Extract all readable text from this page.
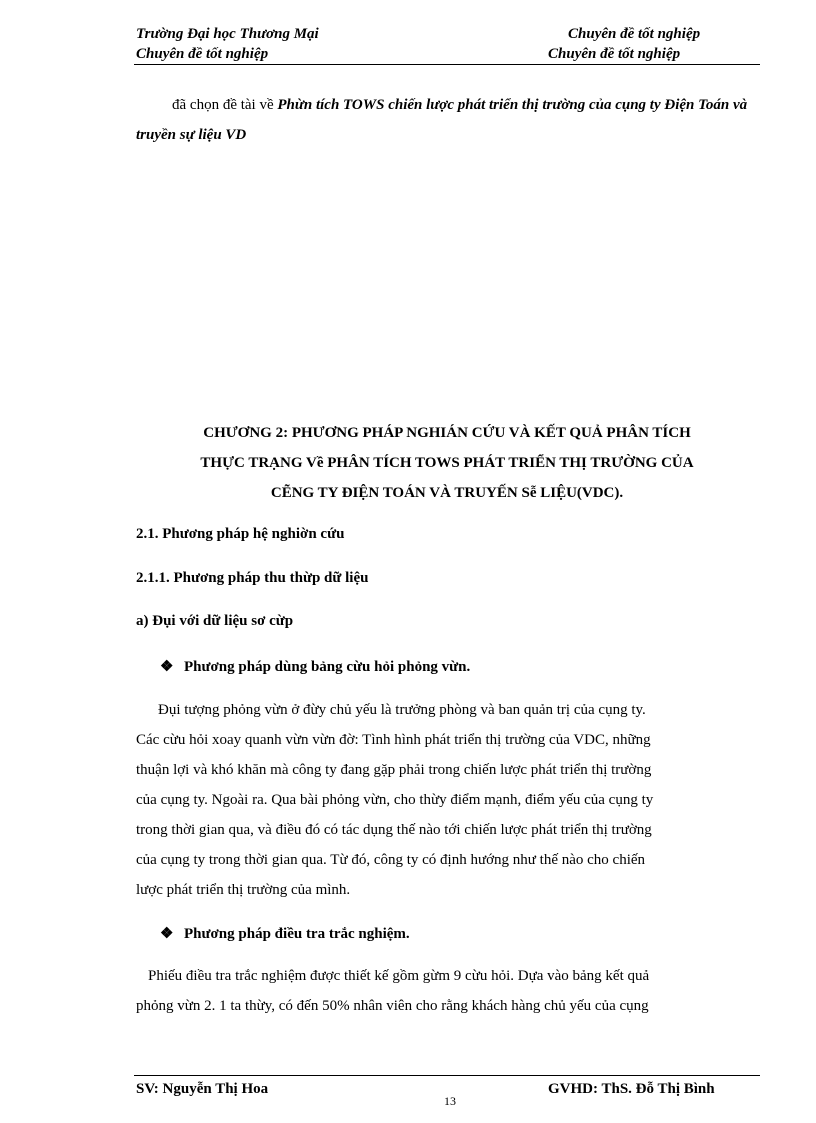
Trường Đại học Thương Mại	Chuyên đề tốt nghiệp
Chuyên đề tốt nghiệp	Chuyên đề tốt nghiệp
đã chọn đề tài về Phừn tích TOWS chiến lược phát triển thị trường của cụng ty Điện Toán và truyền sự liệu VD
CHƯƠNG 2: PHƯƠNG PHÁP NGHIÁN CỨU VÀ KẾT QUẢ PHÂN TÍCH
THỰC TRẠNG Về PHÂN TÍCH TOWS PHÁT TRIỂN THỊ TRƯỜNG CỦA
CẼNG TY ĐIỆN TOÁN VÀ TRUYẾN Sễ LIỆU(VDC).
2.1. Phương pháp hệ nghiờn cứu
2.1.1. Phương pháp thu thừp dữ liệu
a) Đụi với dữ liệu sơ cừp
❖ Phương pháp dùng bảng cừu hỏi phỏng vừn.
Đụi tượng phỏng vừn ở đừy chủ yếu là trưởng phòng và ban quản trị của cụng ty.
Các cừu hỏi xoay quanh vừn vừn đờ: Tình hình phát triển thị trường của VDC, những
thuận lợi và khó khăn mà công ty đang gặp phải trong chiến lược phát triển thị trường
của cụng ty. Ngoài ra. Qua bài phỏng vừn, cho thừy điểm mạnh, điểm yếu của cụng ty
trong thời gian qua, và điều đó có tác dụng thế nào tới chiến lược phát triển thị trường
của cụng ty trong thời gian qua. Từ đó, công ty có định hướng như thế nào cho chiến
lược phát triển thị trường của mình.
❖ Phương pháp điều tra trắc nghiệm.
Phiếu điều tra trắc nghiệm được thiết kế gồm gừm 9 cừu hỏi. Dựa vào bảng kết quả
phỏng vừn 2. 1 ta thừy, có đến 50% nhân viên cho rằng khách hàng chủ yếu của cụng
SV: Nguyễn Thị Hoa	GVHD: ThS. Đỗ Thị Bình
13
